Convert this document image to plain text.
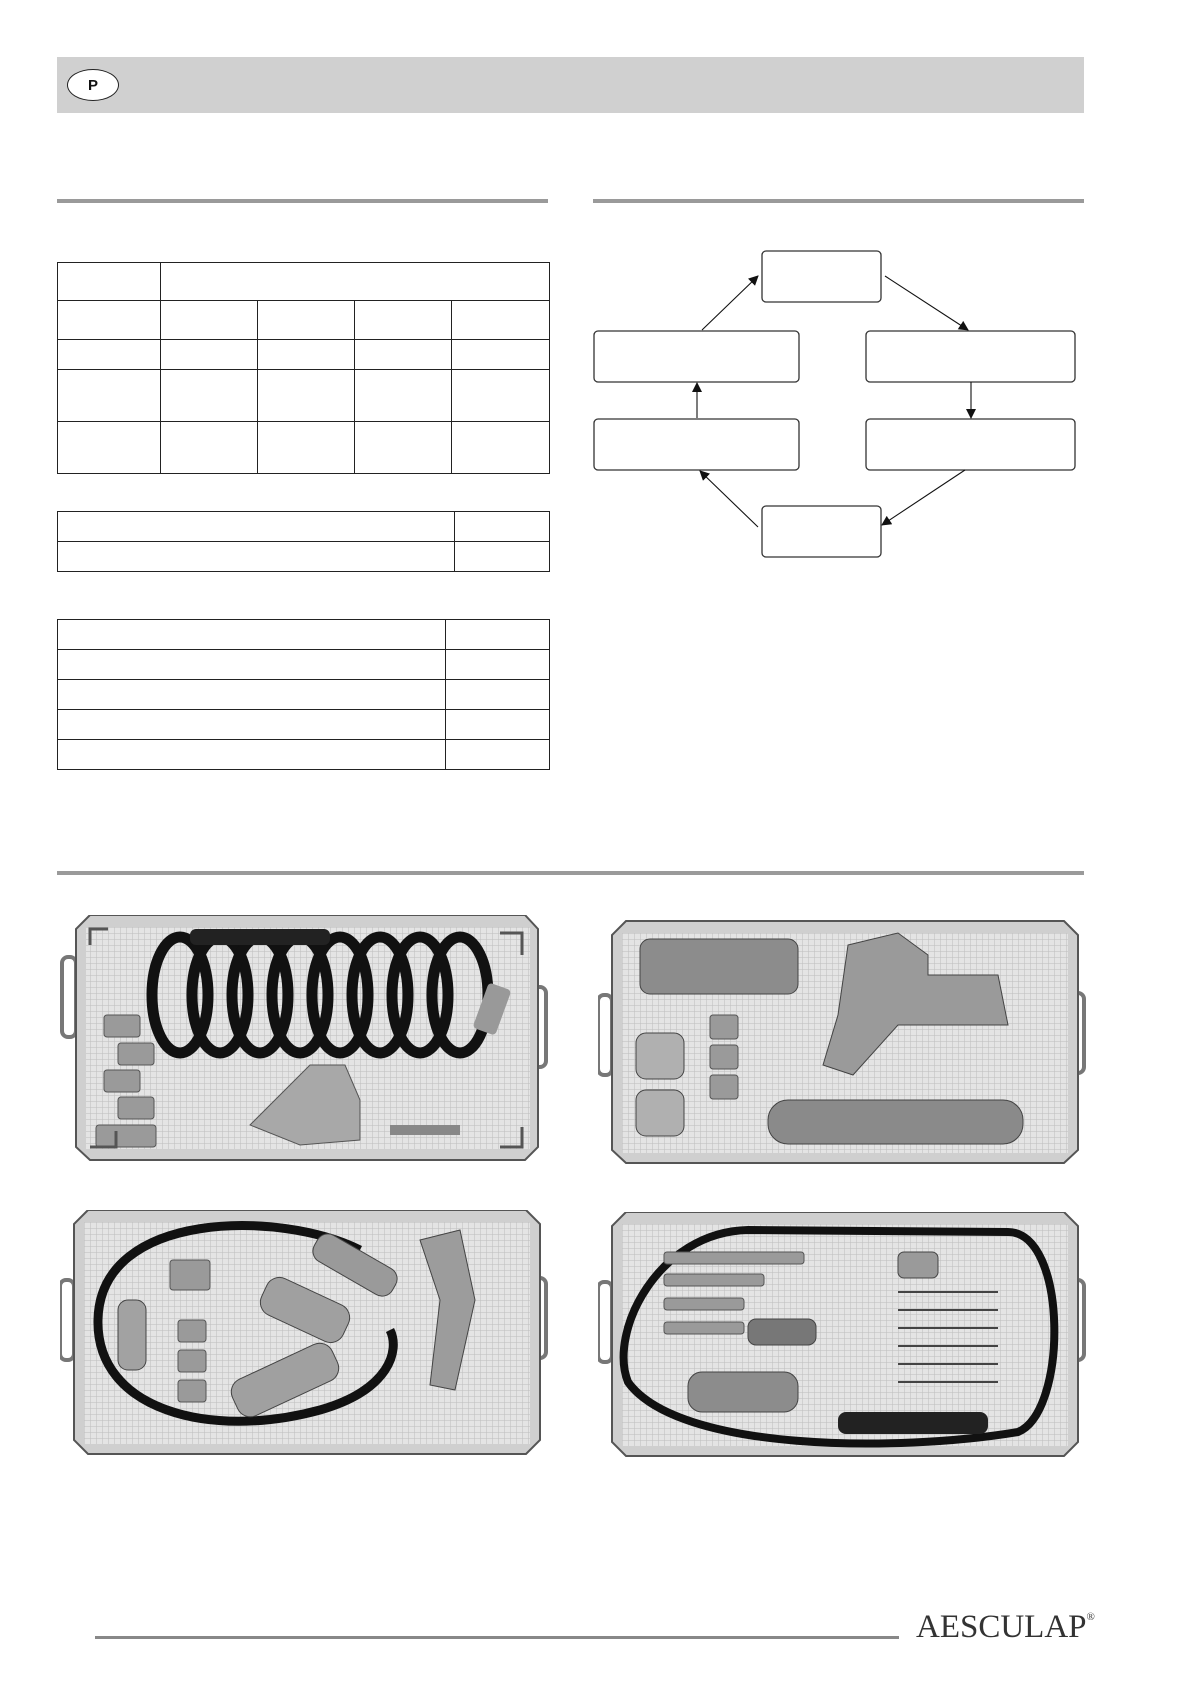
P

AESCULAP®
